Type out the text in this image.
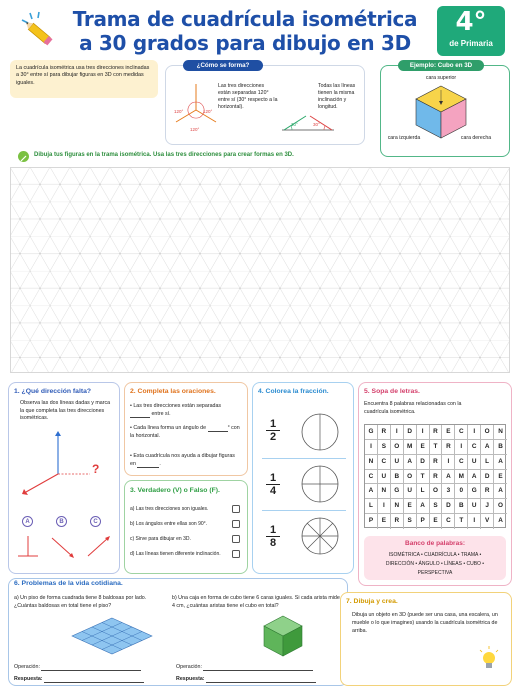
Trama de cuadrícula isométrica
a 30 grados para dibujo en 3D
4°
de Primaria
La cuadrícula isométrica usa tres direcciones inclinadas a 30° entre sí para dibujar figuras en 3D con medidas iguales.
¿Cómo se forma?
120°	120°
120°
Las tres direcciones están separadas 120° entre sí (30° respecto a la horizontal).
30°	30°
Todas las líneas tienen la misma inclinación y longitud.
Ejemplo: Cubo en 3D
cara superior
cara izquierda	cara derecha
Dibuja tus figuras en la trama isométrica. Usa las tres direcciones para crear formas en 3D.
1. ¿Qué dirección falta?
Observa las dos líneas dadas y marca la que completa las tres direcciones isométricas.
?
A	B	C
2. Completa las oraciones.
• Las tres direcciones están separadas  entre sí.
• Cada línea forma un ángulo de	° con la horizontal.
• Esta cuadrícula nos ayuda a dibujar figuras en	.
3. Verdadero (V) o Falso (F).
a) Las tres direcciones son iguales.
b) Los ángulos entre ellas son 90°.
c) Sirve para dibujar en 3D.
d) Las líneas tienen diferente inclinación.
4. Colorea la fracción.
1
2
1
4
1
8
5. Sopa de letras.
Encuentra 8 palabras relacionadas con la cuadrícula isométrica.
G	R	I	D	I	R	E	C	I	O	N
I	S	O	M	E	T	R	I	C	A	B
N	C	U	A	D	R	I	C	U	L	A
C	U	B	O	T	R	A	M	A	D	E
A	N	G	U	L	O	3	0	G	R	A
L	I	N	E	A	S	D	B	U	J	O
P	E	R	S	P	E	C	T	I	V	A
Banco de palabras:
ISOMÉTRICA • CUADRÍCULA • TRAMA •
DIRECCIÓN • ÁNGULO • LÍNEAS • CUBO •
PERSPECTIVA
6. Problemas de la vida cotidiana.
a) Un piso de forma cuadrada tiene 8 baldosas por lado. ¿Cuántas baldosas en total tiene el piso?
Operación:
Respuesta:
b) Una caja en forma de cubo tiene 6 caras iguales. Si cada arista mide 4 cm, ¿cuántas aristas tiene el cubo en total?
Operación:
Respuesta:
7. Dibuja y crea.
Dibuja un objeto en 3D (puede ser una casa, una escalera, un mueble o lo que imagines) usando la cuadrícula isométrica de arriba.
